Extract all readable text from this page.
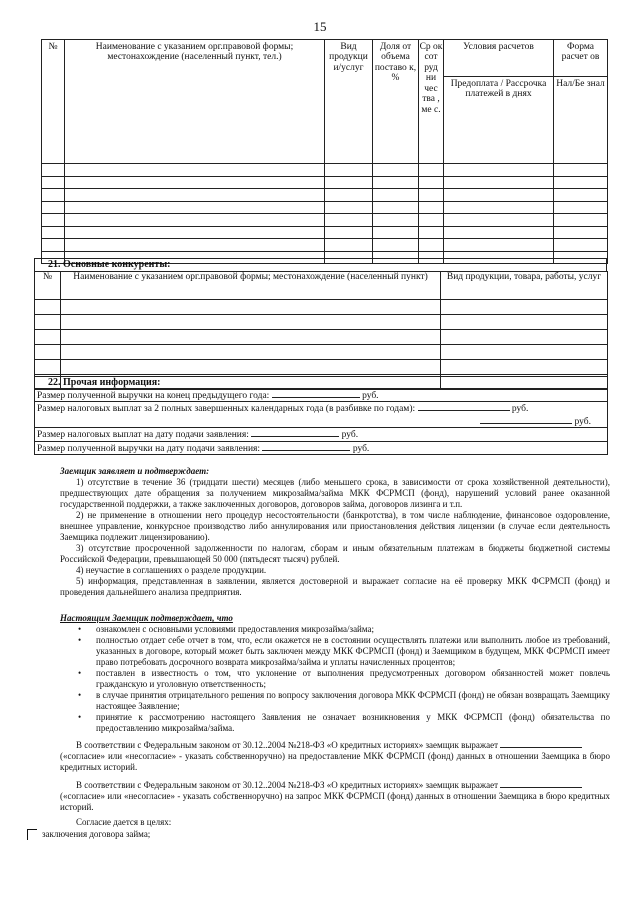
15
№	Наименование с указанием орг.правовой формы; местонахождение (населенный пункт, тел.)	Вид продукци и/услуг	Доля от объема поставо к, %	Ср ок сот руд ни чес тва , ме с.	Условия расчетов	Форма расчет ов
					Предоплата / Рассрочка платежей в днях	Нал/Бе знал

21. Основные конкуренты:
№	Наименование с указанием орг.правовой формы; местонахождение (населенный пункт)	Вид продукции, товара, работы, услуг

22. Прочая информация:
Размер полученной выручки на конец предыдущего года:	руб.
Размер налоговых выплат за 2 полных завершенных календарных года (в разбивке по годам):	руб.
руб.
Размер налоговых выплат на дату подачи заявления:	руб.
Размер полученной выручки на дату подачи заявления:	руб.

Заемщик заявляет и подтверждает:

1) отсутствие в течение 36 (тридцати шести) месяцев (либо меньшего срока, в зависимости от срока хозяйственной деятельности), предшествующих дате обращения за получением микрозайма/займа МКК ФСРМСП (фонд), нарушений условий ранее оказанной государственной поддержки, а также заключенных договоров, договоров займа, договоров лизинга и т.п.

2) не применение в отношении него процедур несостоятельности (банкротства), в том числе наблюдение, финансовое оздоровление, внешнее управление, конкурсное производство либо аннулирования или приостановления действия лицензии (в случае если деятельность Заемщика подлежит лицензированию).

3) отсутствие просроченной задолженности по налогам, сборам и иным обязательным платежам в бюджеты бюджетной системы Российской Федерации, превышающей 50 000 (пятьдесят тысяч) рублей.

4) неучастие в соглашениях о разделе продукции.

5) информация, представленная в заявлении, является достоверной и выражает согласие на её проверку МКК ФСРМСП (фонд) и проведения дальнейшего анализа предприятия.

Настоящим Заемщик подтверждает, что

• ознакомлен с основными условиями предоставления микрозайма/займа;

• полностью отдает себе отчет в том, что, если окажется не в состоянии осуществлять платежи или выполнить любое из требований, указанных в договоре, который может быть заключен между МКК ФСРМСП (фонд) и Заемщиком в будущем, МКК ФСРМСП имеет право потребовать досрочного возврата микрозайма/займа и уплаты начисленных процентов;

• поставлен в известность о том, что уклонение от выполнения предусмотренных договором обязанностей может повлечь гражданскую и уголовную ответственность;

• в случае принятия отрицательного решения по вопросу заключения договора МКК ФСРМСП (фонд) не обязан возвращать Заемщику настоящее Заявление;

• принятие к рассмотрению настоящего Заявления не означает возникновения у МКК ФСРМСП (фонд) обязательства по предоставлению микрозайма/займа.

В соответствии с Федеральным законом от 30.12..2004 №218-ФЗ «О кредитных историях» заемщик выражает

(«согласие» или «несогласие» - указать собственноручно) на предоставление МКК ФСРМСП (фонд) данных в отношении Заемщика в бюро кредитных историй.

В соответствии с Федеральным законом от 30.12..2004 №218-ФЗ «О кредитных историях» заемщик выражает

(«согласие» или «несогласие» - указать собственноручно) на запрос МКК ФСРМСП (фонд) данных в отношении Заемщика в бюро кредитных историй.

Согласие дается в целях:

заключения договора займа;
